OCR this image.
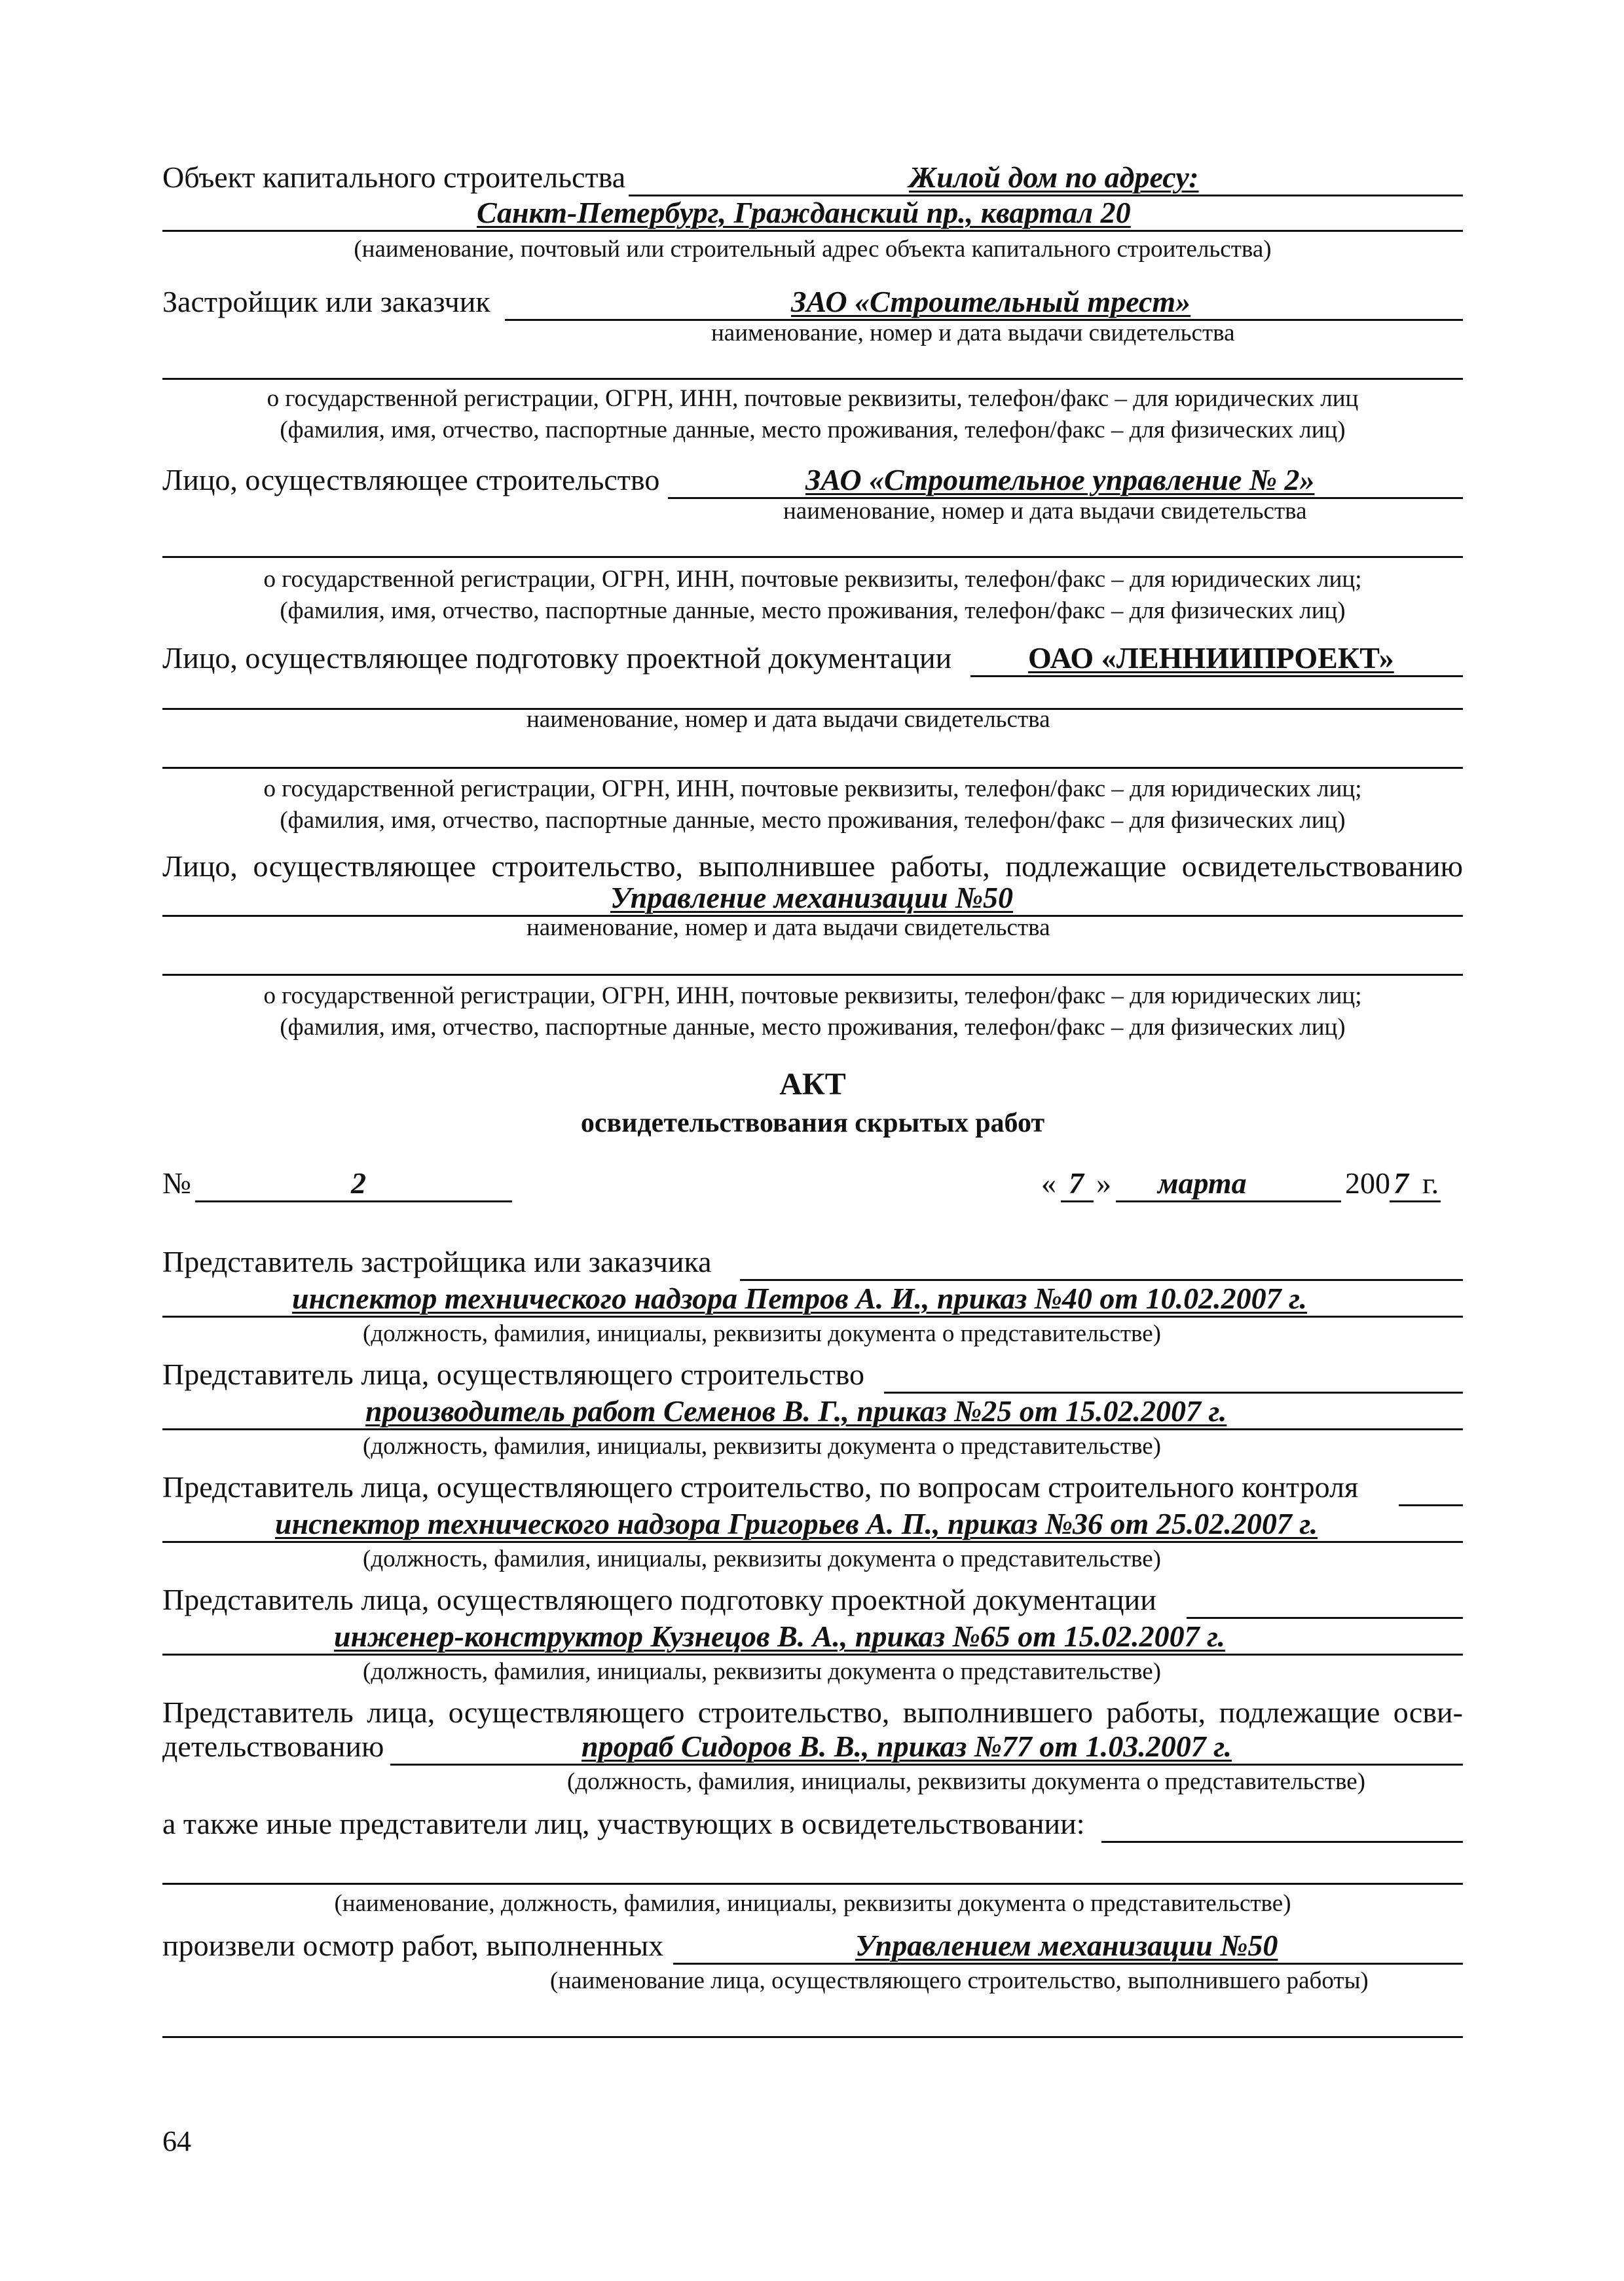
Объект капитального строительства	Жилой дом по адресу:
Санкт-Петербург, Гражданский пр., квартал 20
(наименование, почтовый или строительный адрес объекта капитального строительства)
Застройщик или заказчик	ЗАО «Строительный трест»
наименование, номер и дата выдачи свидетельства
о государственной регистрации, ОГРН, ИНН, почтовые реквизиты, телефон/факс – для юридических лиц
(фамилия, имя, отчество, паспортные данные, место проживания, телефон/факс – для физических лиц)
Лицо, осуществляющее строительство	ЗАО «Строительное управление № 2»
наименование, номер и дата выдачи свидетельства
о государственной регистрации, ОГРН, ИНН, почтовые реквизиты, телефон/факс – для юридических лиц;
(фамилия, имя, отчество, паспортные данные, место проживания, телефон/факс – для физических лиц)
Лицо, осуществляющее подготовку проектной документации	ОАО «ЛЕННИИПРОЕКТ»
наименование, номер и дата выдачи свидетельства
о государственной регистрации, ОГРН, ИНН, почтовые реквизиты, телефон/факс – для юридических лиц;
(фамилия, имя, отчество, паспортные данные, место проживания, телефон/факс – для физических лиц)
Лицо, осуществляющее строительство, выполнившее работы, подлежащие освидетельствованию
Управление механизации №50
наименование, номер и дата выдачи свидетельства
о государственной регистрации, ОГРН, ИНН, почтовые реквизиты, телефон/факс – для юридических лиц;
(фамилия, имя, отчество, паспортные данные, место проживания, телефон/факс – для физических лиц)
АКТ
освидетельствования скрытых работ
№	2	« 7 » марта	200 7 г.
Представитель застройщика или заказчика
инспектор технического надзора Петров А. И., приказ №40 от 10.02.2007 г.
(должность, фамилия, инициалы, реквизиты документа о представительстве)
Представитель лица, осуществляющего строительство
производитель работ Семенов В. Г., приказ №25 от 15.02.2007 г.
(должность, фамилия, инициалы, реквизиты документа о представительстве)
Представитель лица, осуществляющего строительство, по вопросам строительного контроля
инспектор технического надзора Григорьев А. П., приказ №36 от 25.02.2007 г.
(должность, фамилия, инициалы, реквизиты документа о представительстве)
Представитель лица, осуществляющего подготовку проектной документации
инженер-конструктор Кузнецов В. А., приказ №65 от 15.02.2007 г.
(должность, фамилия, инициалы, реквизиты документа о представительстве)
Представитель лица, осуществляющего строительство, выполнившего работы, подлежащие осви-
детельствованию	прораб Сидоров В. В., приказ №77 от 1.03.2007 г.
(должность, фамилия, инициалы, реквизиты документа о представительстве)
а также иные представители лиц, участвующих в освидетельствовании:
(наименование, должность, фамилия, инициалы, реквизиты документа о представительстве)
произвели осмотр работ, выполненных	Управлением механизации №50
(наименование лица, осуществляющего строительство, выполнившего работы)
64
